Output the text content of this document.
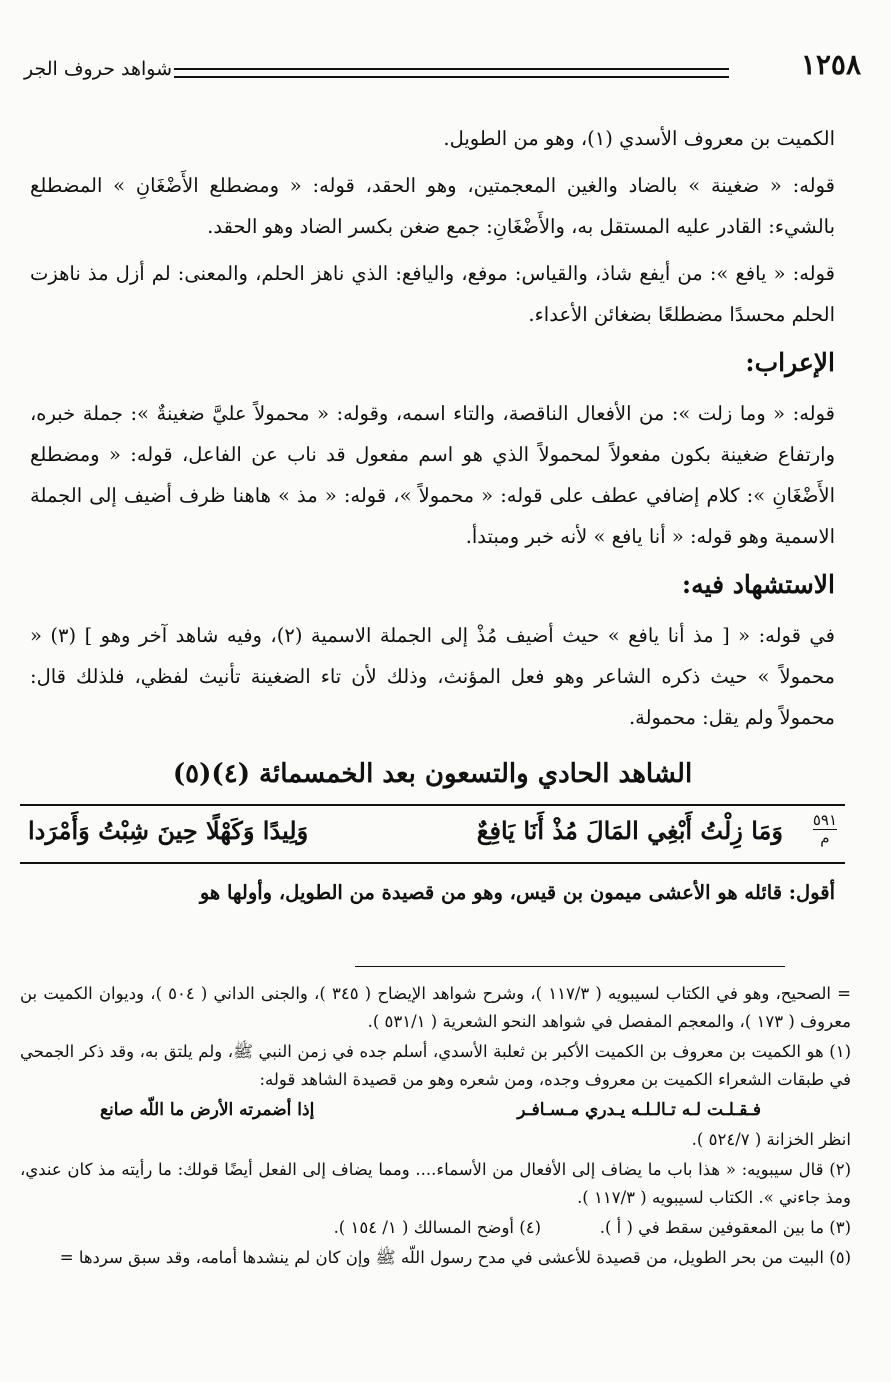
١٢٥٨
شواهد حروف الجر

الكميت بن معروف الأسدي (١)، وهو من الطويل.

قوله: « ضغينة » بالضاد والغين المعجمتين، وهو الحقد، قوله: « ومضطلع الأَضْغَانِ » المضطلع بالشيء: القادر عليه المستقل به، والأَضْغَانِ: جمع ضغن بكسر الضاد وهو الحقد.

قوله: « يافع »: من أيفع شاذ، والقياس: موفع، واليافع: الذي ناهز الحلم، والمعنى: لم أزل مذ ناهزت الحلم محسدًا مضطلعًا بضغائن الأعداء.

الإعراب:

قوله: « وما زلت »: من الأفعال الناقصة، والتاء اسمه، وقوله: « محمولاً عليَّ ضغينةٌ »: جملة خبره، وارتفاع ضغينة بكون مفعولاً لمحمولاً الذي هو اسم مفعول قد ناب عن الفاعل، قوله: « ومضطلع الأَضْغَانِ »: كلام إضافي عطف على قوله: « محمولاً »، قوله: « مذ » هاهنا ظرف أضيف إلى الجملة الاسمية وهو قوله: « أنا يافع » لأنه خبر ومبتدأ.

الاستشهاد فيه:

في قوله: « [ مذ أنا يافع » حيث أضيف مُذْ إلى الجملة الاسمية (٢)، وفيه شاهد آخر وهو ] (٣) « محمولاً » حيث ذكره الشاعر وهو فعل المؤنث، وذلك لأن تاء الضغينة تأنيث لفظي، فلذلك قال: محمولاً ولم يقل: محمولة.

الشاهد الحادي والتسعون بعد الخمسمائة (٤)(٥)
٥٩١
م
وَمَا زِلْتُ أَبْغِي المَالَ مُذْ أَنَا يَافِعٌ
وَلِيدًا وَكَهْلًا حِينَ شِبْتُ وَأَمْرَدا

أقول: قائله هو الأعشى ميمون بن قيس، وهو من قصيدة من الطويل، وأولها هو

= الصحيح، وهو في الكتاب لسيبويه ( ١١٧/٣ )، وشرح شواهد الإيضاح ( ٣٤٥ )، والجنى الداني ( ٥٠٤ )، وديوان الكميت بن معروف ( ١٧٣ )، والمعجم المفصل في شواهد النحو الشعرية ( ٥٣١/١ ).

(١) هو الكميت بن معروف بن الكميت الأكبر بن ثعلبة الأسدي، أسلم جده في زمن النبي ﷺ، ولم يلتق به، وقد ذكر الجمحي في طبقات الشعراء الكميت بن معروف وجده، ومن شعره وهو من قصيدة الشاهد قوله:

فـقـلـت لـه تـالـلـه يـدري مـسـافـر
إذا أضمرته الأرض ما اللّه صانع

انظر الخزانة ( ٥٢٤/٧ ).

(٢) قال سيبويه: « هذا باب ما يضاف إلى الأفعال من الأسماء.... ومما يضاف إلى الفعل أيضًا قولك: ما رأيته مذ كان عندي، ومذ جاءني ». الكتاب لسيبويه ( ١١٧/٣ ).

(٣) ما بين المعقوفين سقط في ( أ ).
(٤) أوضح المسالك ( ١/ ١٥٤ ).

(٥) البيت من بحر الطويل، من قصيدة للأعشى في مدح رسول اللّه ﷺ وإن كان لم ينشدها أمامه، وقد سبق سردها =
